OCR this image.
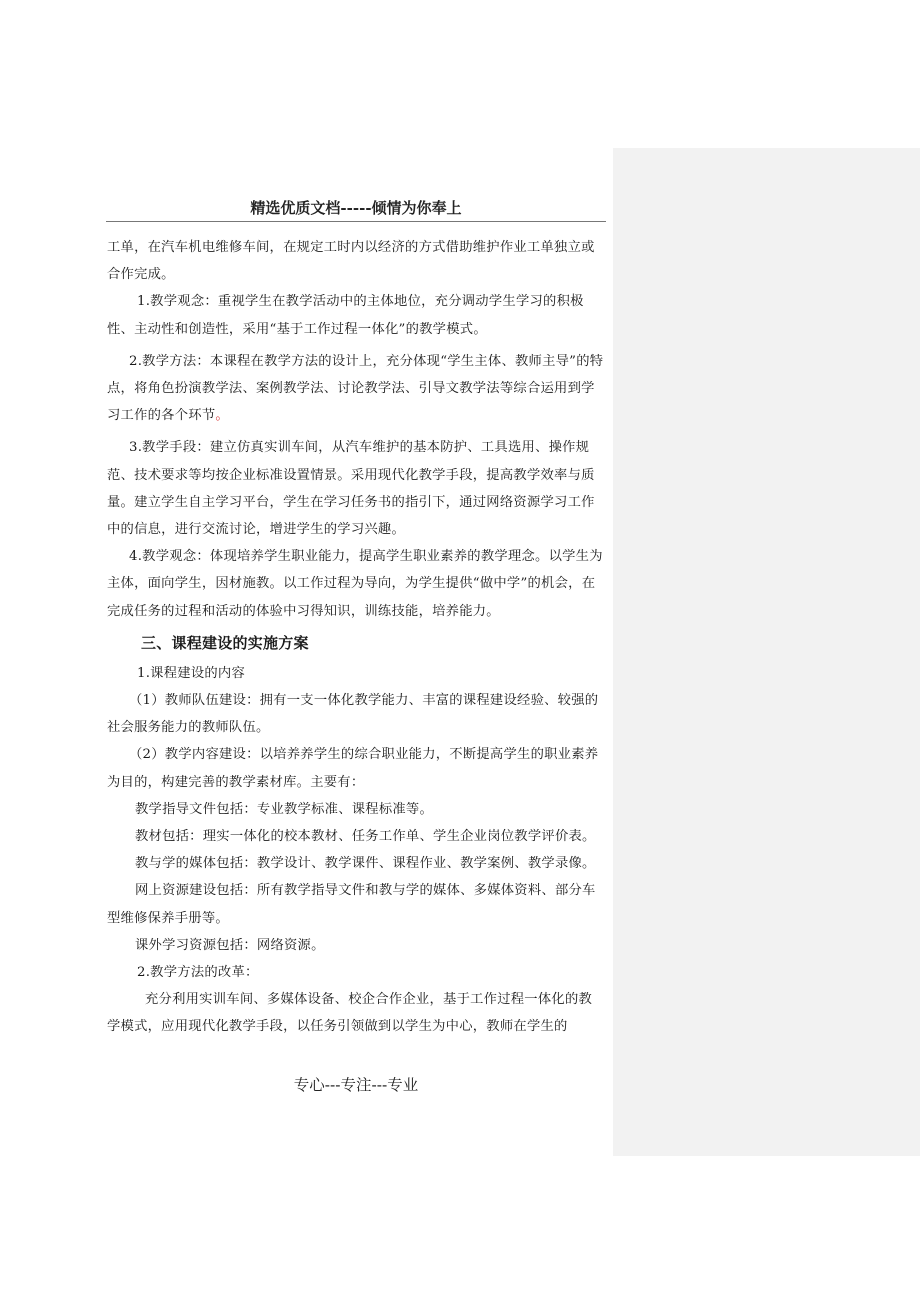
精选优质文档-----倾情为你奉上

工单，在汽车机电维修车间，在规定工时内以经济的方式借助维护作业工单独立或合作完成。

1.教学观念：重视学生在教学活动中的主体地位，充分调动学生学习的积极性、主动性和创造性，采用“基于工作过程一体化”的教学模式。

2.教学方法：本课程在教学方法的设计上，充分体现“学生主体、教师主导”的特点，将角色扮演教学法、案例教学法、讨论教学法、引导文教学法等综合运用到学习工作的各个环节。

3.教学手段：建立仿真实训车间，从汽车维护的基本防护、工具选用、操作规范、技术要求等均按企业标准设置情景。采用现代化教学手段，提高教学效率与质量。建立学生自主学习平台，学生在学习任务书的指引下，通过网络资源学习工作中的信息，进行交流讨论，增进学生的学习兴趣。

4.教学观念：体现培养学生职业能力，提高学生职业素养的教学理念。以学生为主体，面向学生，因材施教。以工作过程为导向，为学生提供“做中学”的机会，在完成任务的过程和活动的体验中习得知识，训练技能，培养能力。

三、课程建设的实施方案

1.课程建设的内容

（1）教师队伍建设：拥有一支一体化教学能力、丰富的课程建设经验、较强的社会服务能力的教师队伍。

（2）教学内容建设：以培养养学生的综合职业能力，不断提高学生的职业素养为目的，构建完善的教学素材库。主要有：

教学指导文件包括：专业教学标准、课程标准等。

教材包括：理实一体化的校本教材、任务工作单、学生企业岗位教学评价表。

教与学的媒体包括：教学设计、教学课件、课程作业、教学案例、教学录像。

网上资源建设包括：所有教学指导文件和教与学的媒体、多媒体资料、部分车型维修保养手册等。

课外学习资源包括：网络资源。

2.教学方法的改革：

充分利用实训车间、多媒体设备、校企合作企业，基于工作过程一体化的教学模式，应用现代化教学手段，以任务引领做到以学生为中心，教师在学生的

专心---专注---专业
